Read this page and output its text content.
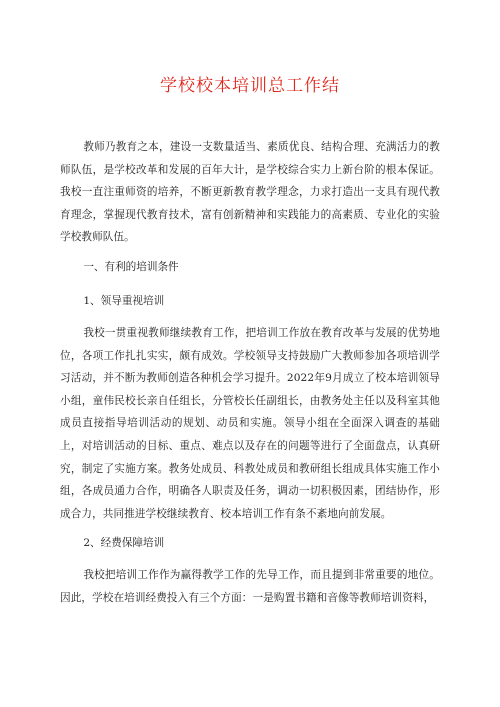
学校校本培训总工作结

教师乃教育之本，建设一支数量适当、素质优良、结构合理、充满活力的教师队伍，是学校改革和发展的百年大计，是学校综合实力上新台阶的根本保证。我校一直注重师资的培养，不断更新教育教学理念，力求打造出一支具有现代教育理念，掌握现代教育技术，富有创新精神和实践能力的高素质、专业化的实验学校教师队伍。

一、有利的培训条件

1、领导重视培训

我校一贯重视教师继续教育工作，把培训工作放在教育改革与发展的优势地位，各项工作扎扎实实，颇有成效。学校领导支持鼓励广大教师参加各项培训学习活动，并不断为教师创造各种机会学习提升。2022年9月成立了校本培训领导小组，童伟民校长亲自任组长，分管校长任副组长，由教务处主任以及科室其他成员直接指导培训活动的规划、动员和实施。领导小组在全面深入调查的基础上，对培训活动的目标、重点、难点以及存在的问题等进行了全面盘点，认真研究，制定了实施方案。教务处成员、科教处成员和教研组长组成具体实施工作小组，各成员通力合作，明确各人职责及任务，调动一切积极因素，团结协作，形成合力，共同推进学校继续教育、校本培训工作有条不紊地向前发展。

2、经费保障培训

我校把培训工作作为赢得教学工作的先导工作，而且提到非常重要的地位。因此，学校在培训经费投入有三个方面：一是购置书籍和音像等教师培训资料，
